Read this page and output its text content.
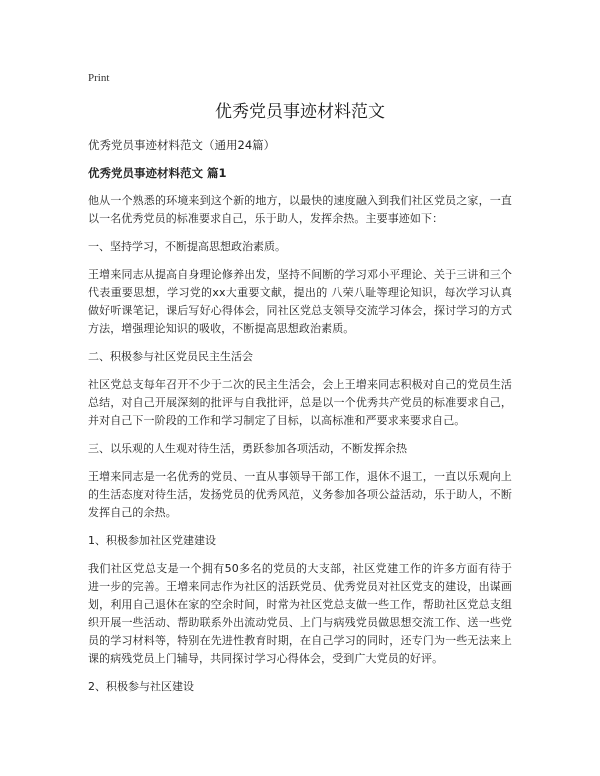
Print
优秀党员事迹材料范文
优秀党员事迹材料范文（通用24篇）
优秀党员事迹材料范文 篇1

他从一个熟悉的环境来到这个新的地方，以最快的速度融入到我们社区党员之家，一直以一名优秀党员的标准要求自己，乐于助人，发挥余热。主要事迹如下：

一、坚持学习，不断提高思想政治素质。

王增来同志从提高自身理论修养出发，坚持不间断的学习邓小平理论、关于三讲和三个代表重要思想，学习党的xx大重要文献，提出的 八荣八耻等理论知识，每次学习认真做好听课笔记，课后写好心得体会，同社区党总支领导交流学习体会，探讨学习的方式方法，增强理论知识的吸收，不断提高思想政治素质。

二、积极参与社区党员民主生活会

社区党总支每年召开不少于二次的民主生活会，会上王增来同志积极对自己的党员生活总结，对自己开展深刻的批评与自我批评，总是以一个优秀共产党员的标准要求自己，并对自己下一阶段的工作和学习制定了目标，以高标准和严要求来要求自己。

三、以乐观的人生观对待生活，勇跃参加各项活动，不断发挥余热

王增来同志是一名优秀的党员、一直从事领导干部工作，退休不退工，一直以乐观向上的生活态度对待生活，发扬党员的优秀风范，义务参加各项公益活动，乐于助人，不断发挥自己的余热。

1、积极参加社区党建建设

我们社区党总支是一个拥有50多名的党员的大支部，社区党建工作的许多方面有待于进一步的完善。王增来同志作为社区的活跃党员、优秀党员对社区党支的建设，出谋画划，利用自己退休在家的空余时间，时常为社区党总支做一些工作，帮助社区党总支组织开展一些活动、帮助联系外出流动党员、上门与病残党员做思想交流工作、送一些党员的学习材料等，特别在先进性教育时期，在自己学习的同时，还专门为一些无法来上课的病残党员上门辅导，共同探讨学习心得体会，受到广大党员的好评。

2、积极参与社区建设
